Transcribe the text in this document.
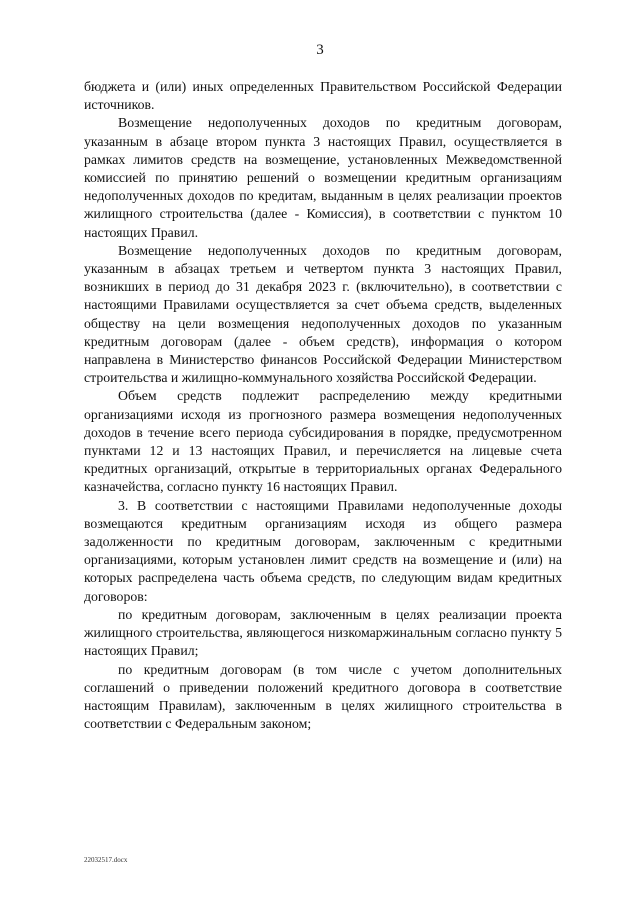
3

бюджета и (или) иных определенных Правительством Российской Федерации источников.

Возмещение недополученных доходов по кредитным договорам, указанным в абзаце втором пункта 3 настоящих Правил, осуществляется в рамках лимитов средств на возмещение, установленных Межведомственной комиссией по принятию решений о возмещении кредитным организациям недополученных доходов по кредитам, выданным в целях реализации проектов жилищного строительства (далее - Комиссия), в соответствии с пунктом 10 настоящих Правил.

Возмещение недополученных доходов по кредитным договорам, указанным в абзацах третьем и четвертом пункта 3 настоящих Правил, возникших в период до 31 декабря 2023 г. (включительно), в соответствии с настоящими Правилами осуществляется за счет объема средств, выделенных обществу на цели возмещения недополученных доходов по указанным кредитным договорам (далее - объем средств), информация о котором направлена в Министерство финансов Российской Федерации Министерством строительства и жилищно-коммунального хозяйства Российской Федерации.

Объем средств подлежит распределению между кредитными организациями исходя из прогнозного размера возмещения недополученных доходов в течение всего периода субсидирования в порядке, предусмотренном пунктами 12 и 13 настоящих Правил, и перечисляется на лицевые счета кредитных организаций, открытые в территориальных органах Федерального казначейства, согласно пункту 16 настоящих Правил.

3. В соответствии с настоящими Правилами недополученные доходы возмещаются кредитным организациям исходя из общего размера задолженности по кредитным договорам, заключенным с кредитными организациями, которым установлен лимит средств на возмещение и (или) на которых распределена часть объема средств, по следующим видам кредитных договоров:

по кредитным договорам, заключенным в целях реализации проекта жилищного строительства, являющегося низкомаржинальным согласно пункту 5 настоящих Правил;

по кредитным договорам (в том числе с учетом дополнительных соглашений о приведении положений кредитного договора в соответствие настоящим Правилам), заключенным в целях жилищного строительства в соответствии с Федеральным законом;

22032517.docx
